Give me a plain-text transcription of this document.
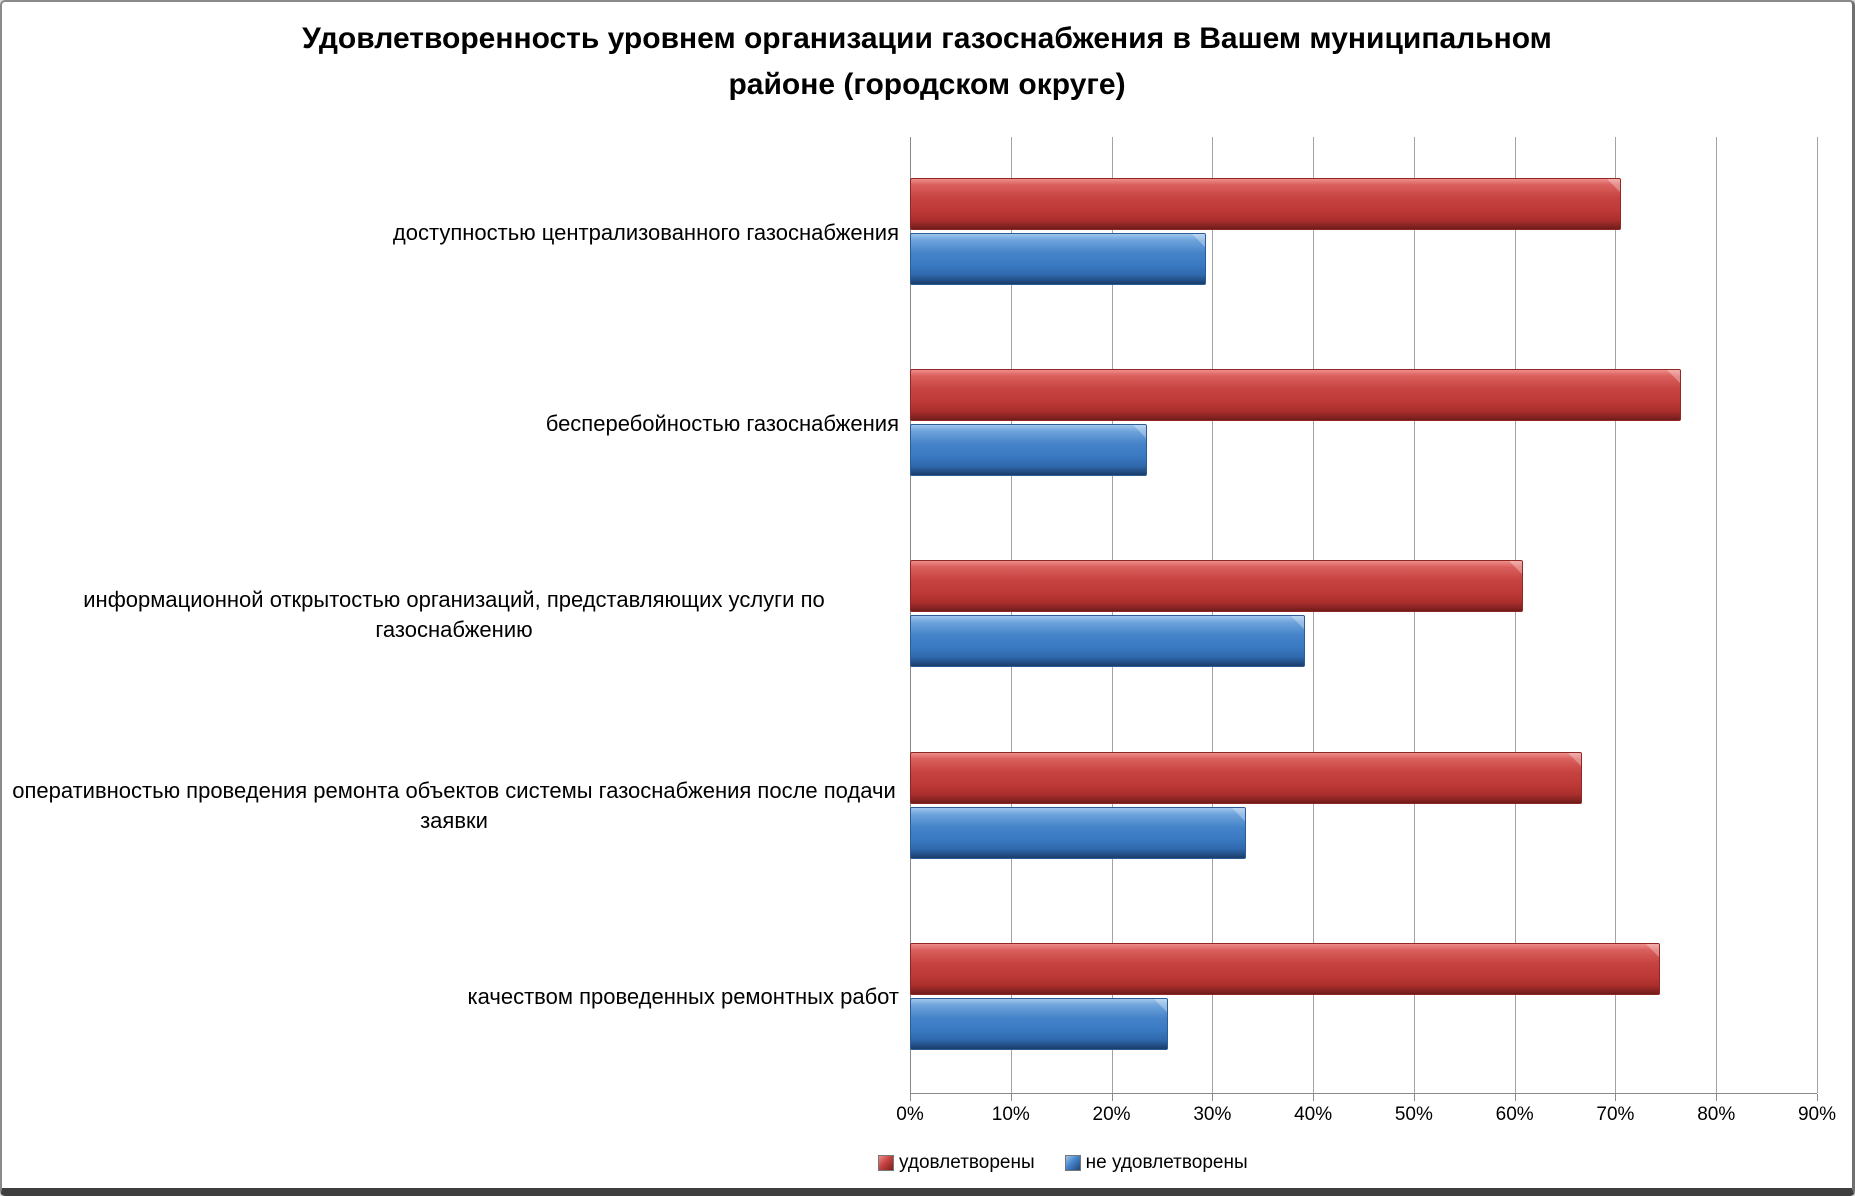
Удовлетворенность уровнем организации газоснабжения в Вашем муниципальном
районе (городском округе)
доступностью централизованного газоснабжения
бесперебойностью газоснабжения
информационной открытостью организаций, представляющих услуги по газоснабжению
оперативностью проведения ремонта объектов системы газоснабжения после подачи заявки
качеством проведенных ремонтных работ
0%	10%	20%	30%	40%	50%	60%	70%	80%	90%
удовлетворены	не удовлетворены
